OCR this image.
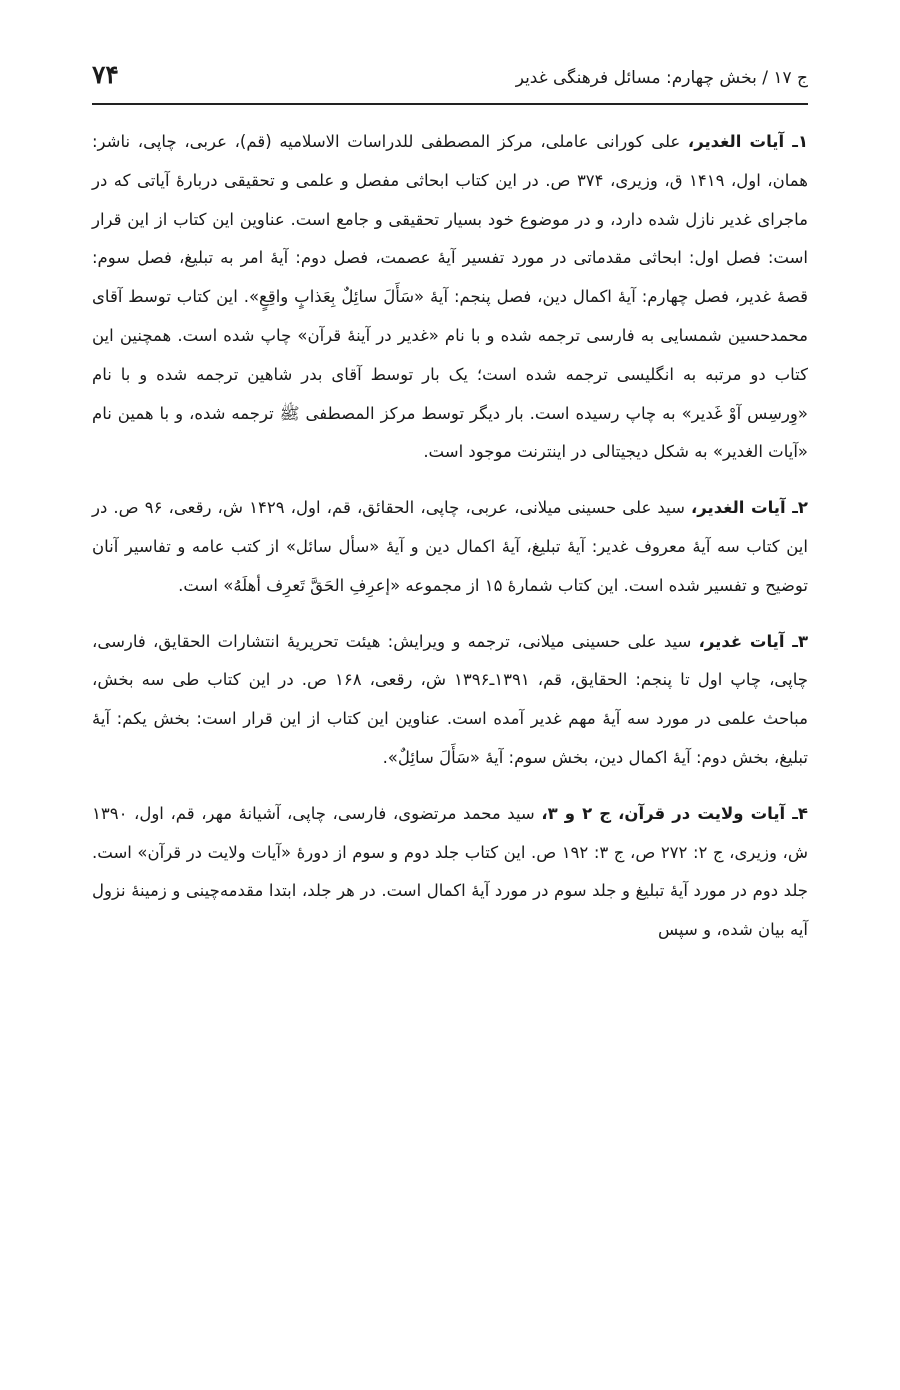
ج ۱۷ / بخش چهارم: مسائل فرهنگی غدیر
۷۴

۱ـ آیات الغدیر، علی کورانی عاملی، مرکز المصطفی للدراسات الاسلامیه (قم)، عربی، چاپی، ناشر: همان، اول، ۱۴۱۹ ق، وزیری، ۳۷۴ ص. در این کتاب ابحاثی مفصل و علمی و تحقیقی دربارهٔ آیاتی که در ماجرای غدیر نازل شده دارد، و در موضوع خود بسیار تحقیقی و جامع است. عناوین این کتاب از این قرار است: فصل اول: ابحاثی مقدماتی در مورد تفسیر آیهٔ عصمت، فصل دوم: آیهٔ امر به تبلیغ، فصل سوم: قصهٔ غدیر، فصل چهارم: آیهٔ اکمال دین، فصل پنجم: آیهٔ «سَأَلَ سائِلٌ بِعَذابٍ واقِعٍ». این کتاب توسط آقای محمدحسین شمسایی به فارسی ترجمه شده و با نام «غدیر در آینهٔ قرآن» چاپ شده است. همچنین این کتاب دو مرتبه به انگلیسی ترجمه شده است؛ یک بار توسط آقای بدر شاهین ترجمه شده و با نام «وِرسِس آوْ غَدیر» به چاپ رسیده است. بار دیگر توسط مرکز المصطفی ﷺ ترجمه شده، و با همین نام «آیات الغدیر» به شکل دیجیتالی در اینترنت موجود است.

۲ـ آیات الغدیر، سید علی حسینی میلانی، عربی، چاپی، الحقائق، قم، اول، ۱۴۲۹ ش، رقعی، ۹۶ ص. در این کتاب سه آیهٔ معروف غدیر: آیهٔ تبلیغ، آیهٔ اکمال دین و آیهٔ «سأل سائل» از کتب عامه و تفاسیر آنان توضیح و تفسیر شده است. این کتاب شمارهٔ ۱۵ از مجموعه «إعرِفِ الحَقَّ تَعرِف أهلَهُ» است.

۳ـ آیات غدیر، سید علی حسینی میلانی، ترجمه و ویرایش: هیئت تحریریهٔ انتشارات الحقایق، فارسی، چاپی، چاپ اول تا پنجم: الحقایق، قم، ۱۳۹۱ـ۱۳۹۶ ش، رقعی، ۱۶۸ ص. در این کتاب طی سه بخش، مباحث علمی در مورد سه آیهٔ مهم غدیر آمده است. عناوین این کتاب از این قرار است: بخش یکم: آیهٔ تبلیغ، بخش دوم: آیهٔ اکمال دین، بخش سوم: آیهٔ «سَأَلَ سائِلٌ».

۴ـ آیات ولایت در قرآن، ج ۲ و ۳، سید محمد مرتضوی، فارسی، چاپی، آشیانهٔ مهر، قم، اول، ۱۳۹۰ ش، وزیری، ج ۲: ۲۷۲ ص، ج ۳: ۱۹۲ ص. این کتاب جلد دوم و سوم از دورهٔ «آیات ولایت در قرآن» است. جلد دوم در مورد آیهٔ تبلیغ و جلد سوم در مورد آیهٔ اکمال است. در هر جلد، ابتدا مقدمه‌چینی و زمینهٔ نزول آیه بیان شده، و سپس
